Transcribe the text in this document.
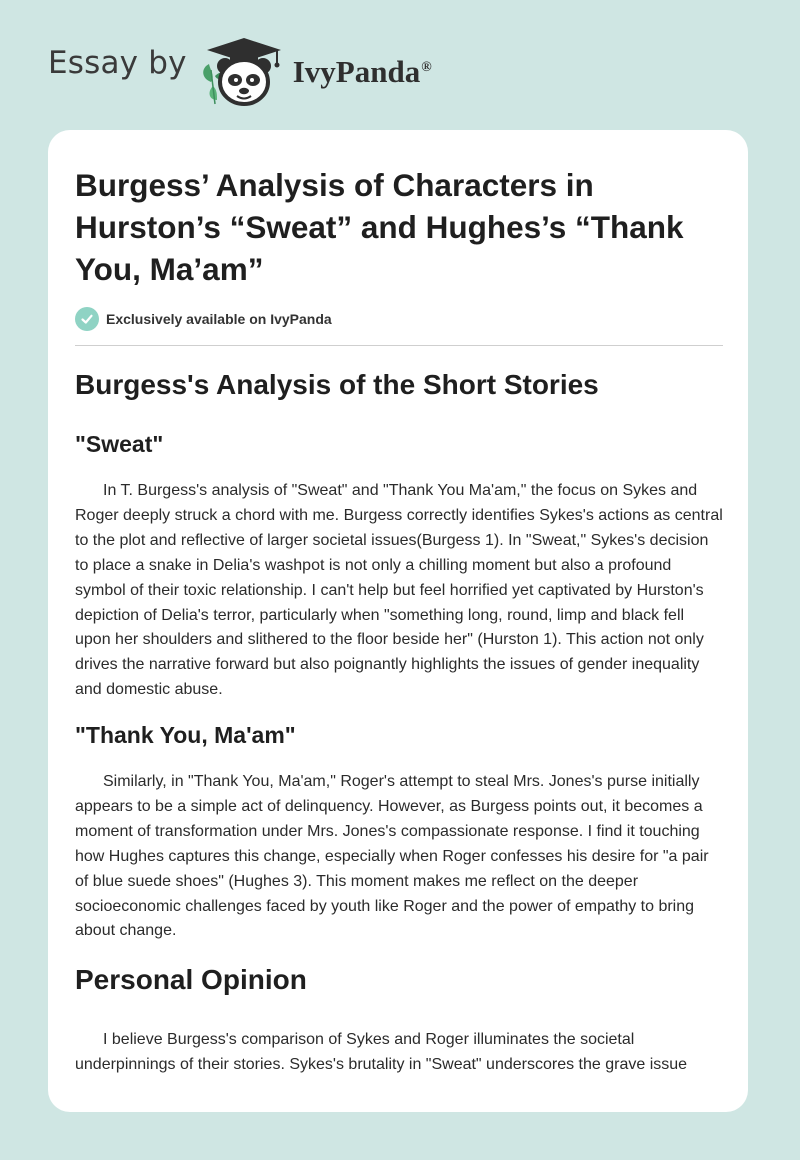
Essay by	IvyPanda®
Burgess’ Analysis of Characters in Hurston’s “Sweat” and Hughes’s “Thank You, Ma’am”
Exclusively available on IvyPanda
Burgess's Analysis of the Short Stories
"Sweat"

In T. Burgess's analysis of "Sweat" and "Thank You Ma'am," the focus on Sykes and Roger deeply struck a chord with me. Burgess correctly identifies Sykes's actions as central to the plot and reflective of larger societal issues(Burgess 1). In "Sweat," Sykes's decision to place a snake in Delia's washpot is not only a chilling moment but also a profound symbol of their toxic relationship. I can't help but feel horrified yet captivated by Hurston's depiction of Delia's terror, particularly when "something long, round, limp and black fell upon her shoulders and slithered to the floor beside her" (Hurston 1). This action not only drives the narrative forward but also poignantly highlights the issues of gender inequality and domestic abuse.

"Thank You, Ma'am"

Similarly, in "Thank You, Ma'am," Roger's attempt to steal Mrs. Jones's purse initially appears to be a simple act of delinquency. However, as Burgess points out, it becomes a moment of transformation under Mrs. Jones's compassionate response. I find it touching how Hughes captures this change, especially when Roger confesses his desire for "a pair of blue suede shoes" (Hughes 3). This moment makes me reflect on the deeper socioeconomic challenges faced by youth like Roger and the power of empathy to bring about change.

Personal Opinion

I believe Burgess's comparison of Sykes and Roger illuminates the societal underpinnings of their stories. Sykes's brutality in "Sweat" underscores the grave issue
